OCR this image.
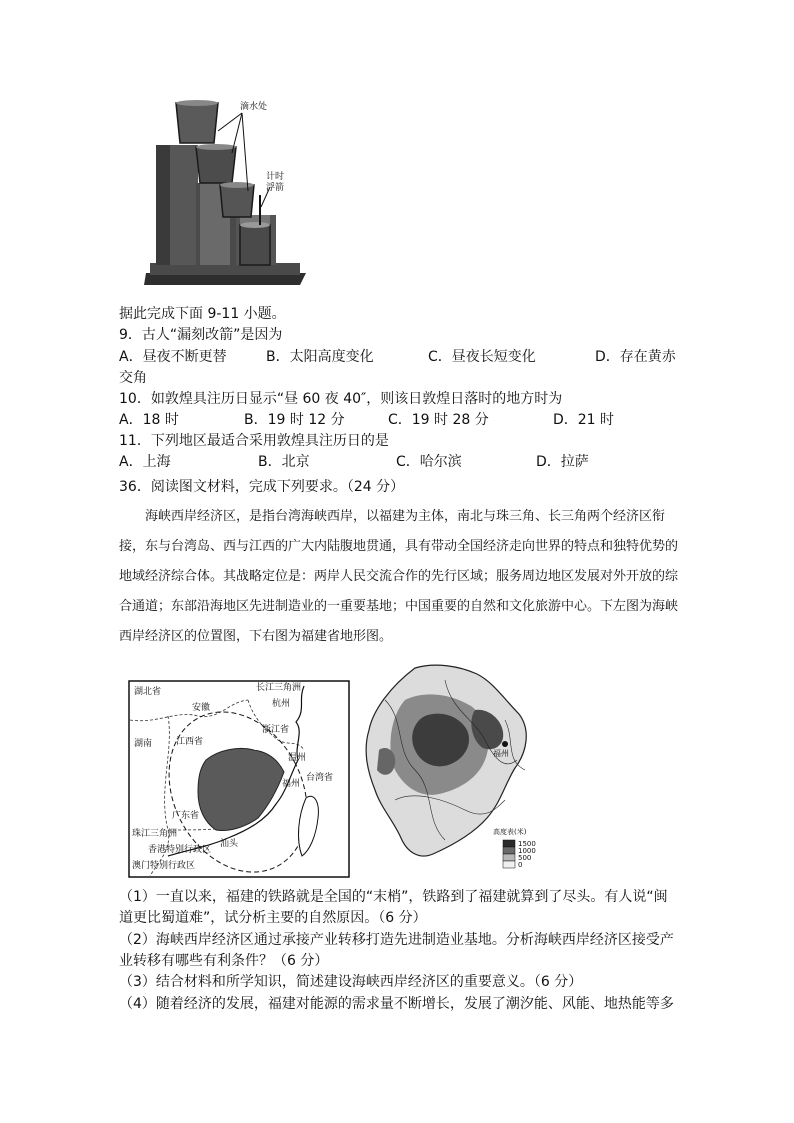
滴水处
计时
浮箭
据此完成下面 9-11 小题。
9．古人“漏刻改箭”是因为
A．昼夜不断更替	B．太阳高度变化	C．昼夜长短变化	D．存在黄赤
交角
10．如敦煌具注历日显示“昼 60 夜 40″，则该日敦煌日落时的地方时为
A．18 时	B．19 时 12 分	C．19 时 28 分	D．21 时
11．下列地区最适合采用敦煌具注历日的是
A．上海	B．北京	C．哈尔滨	D．拉萨
36．阅读图文材料，完成下列要求。（24 分）

海峡西岸经济区，是指台湾海峡西岸，以福建为主体，南北与珠三角、长三角两个经济区衔接，东与台湾岛、西与江西的广大内陆腹地贯通，具有带动全国经济走向世界的特点和独特优势的地域经济综合体。其战略定位是：两岸人民交流合作的先行区域；服务周边地区发展对外开放的综合通道；东部沿海地区先进制造业的一重要基地；中国重要的自然和文化旅游中心。下左图为海峡西岸经济区的位置图，下右图为福建省地形图。

湖北省
安徽
长江三角洲
杭州
湖南
浙江省
温州
江西省
福州
广东省
台湾省
汕头
珠江三角洲
香港特别行政区
澳门特别行政区
福州
高度表(米)
1500
1000
500
0
（1）一直以来，福建的铁路就是全国的“末梢”，铁路到了福建就算到了尽头。有人说“闽道更比蜀道难”，试分析主要的自然原因。（6 分）
（2）海峡西岸经济区通过承接产业转移打造先进制造业基地。分析海峡西岸经济区接受产业转移有哪些有利条件？（6 分）
（3）结合材料和所学知识，简述建设海峡西岸经济区的重要意义。（6 分）
（4）随着经济的发展，福建对能源的需求量不断增长，发展了潮汐能、风能、地热能等多
